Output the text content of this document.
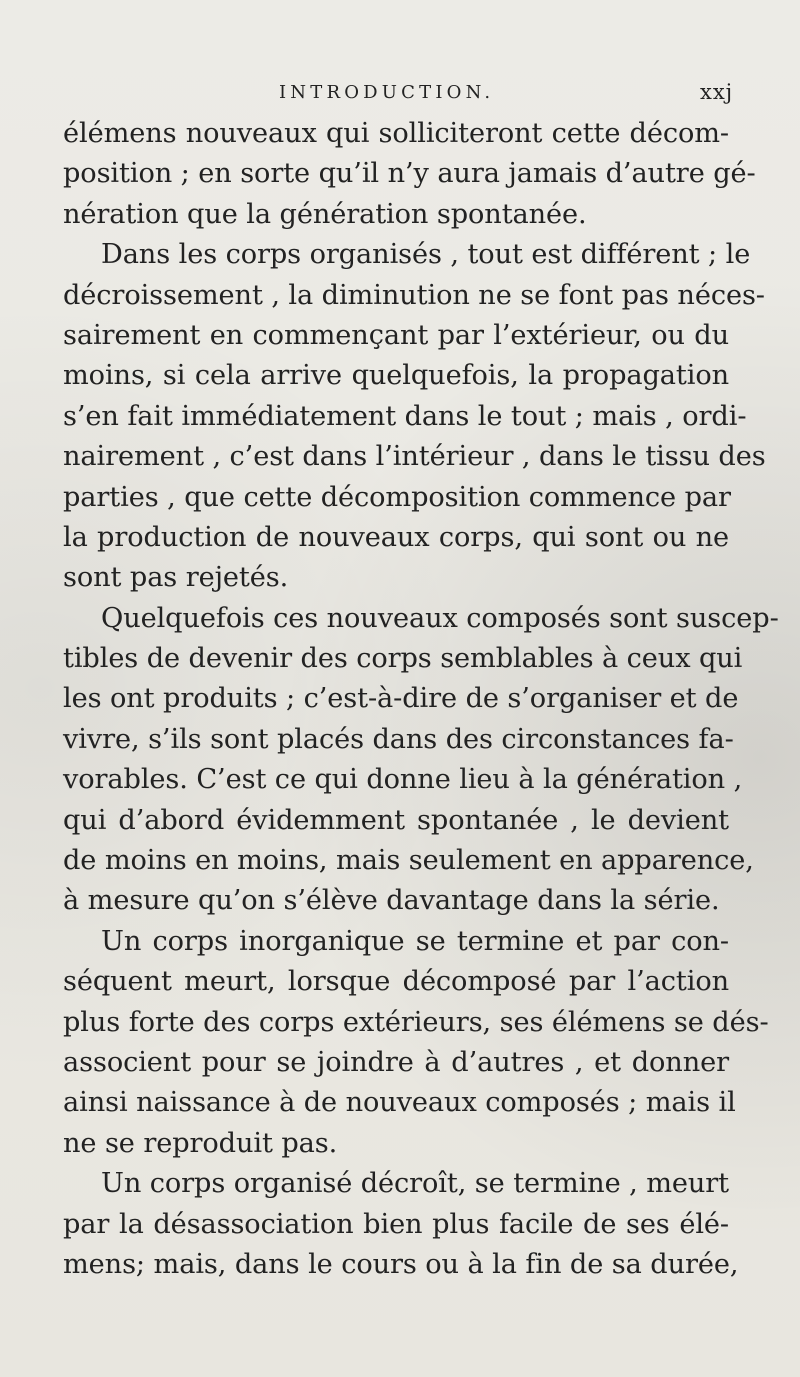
INTRODUCTION.	xxj
élémens nouveaux qui solliciteront cette décom-
position ; en sorte qu’il n’y aura jamais d’autre gé-
nération que la génération spontanée.
Dans les corps organisés , tout est différent ; le
décroissement , la diminution ne se font pas néces-
sairement en commençant par l’extérieur, ou du
moins, si cela arrive quelquefois, la propagation
s’en fait immédiatement dans le tout ; mais , ordi-
nairement , c’est dans l’intérieur , dans le tissu des
parties , que cette décomposition commence par
la production de nouveaux corps, qui sont ou ne
sont pas rejetés.
Quelquefois ces nouveaux composés sont suscep-
tibles de devenir des corps semblables à ceux qui
les ont produits ; c’est-à-dire de s’organiser et de
vivre, s’ils sont placés dans des circonstances fa-
vorables. C’est ce qui donne lieu à la génération ,
qui d’abord évidemment spontanée , le devient
de moins en moins, mais seulement en apparence,
à mesure qu’on s’élève davantage dans la série.
Un corps inorganique se termine et par con-
séquent meurt, lorsque décomposé par l’action
plus forte des corps extérieurs, ses élémens se dés-
associent pour se joindre à d’autres , et donner
ainsi naissance à de nouveaux composés ; mais il
ne se reproduit pas.
Un corps organisé décroît, se termine , meurt
par la désassociation bien plus facile de ses élé-
mens; mais, dans le cours ou à la fin de sa durée,
